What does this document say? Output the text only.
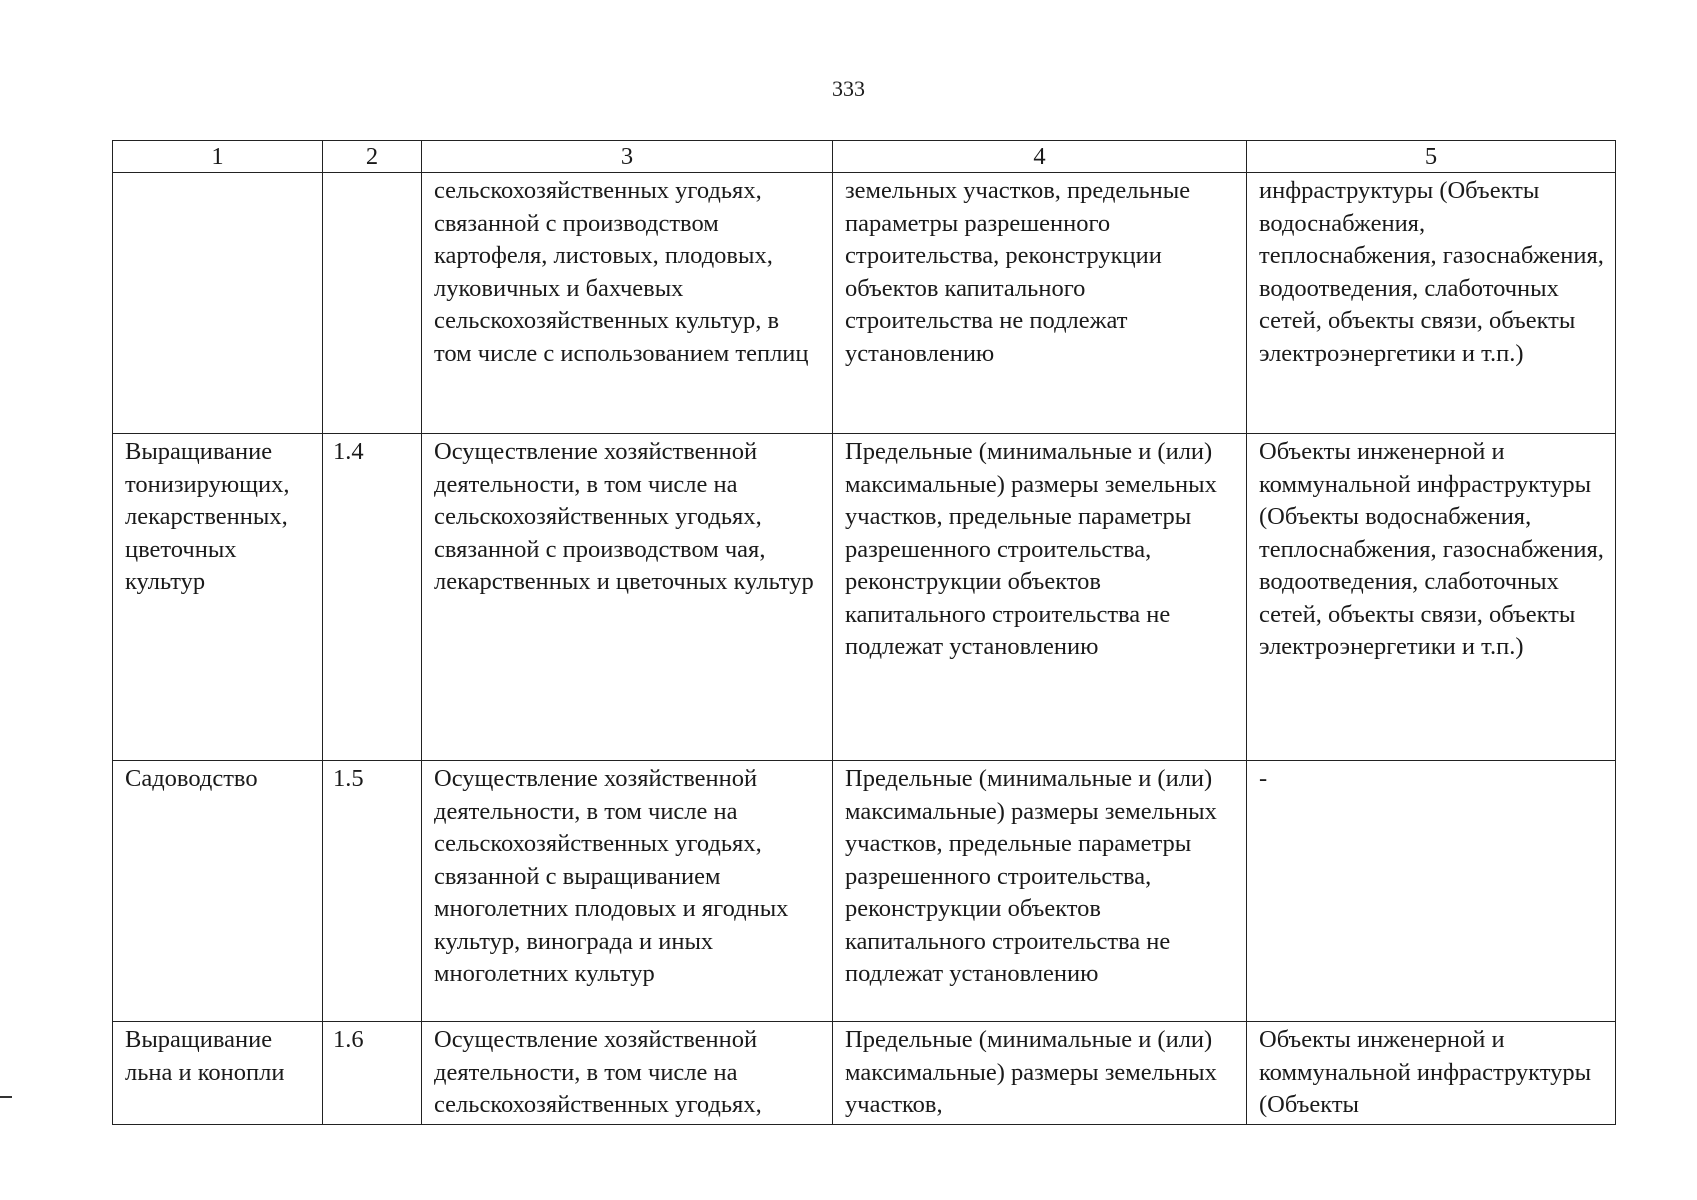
333
1	2	3	4	5
		сельскохозяйственных угодьях, связанной с производством картофеля, листовых, плодовых, луковичных и бахчевых сельскохозяйственных культур, в том числе с использованием теплиц	земельных участков, предельные параметры разрешенного строительства, реконструкции объектов капитального строительства не подлежат установлению	инфраструктуры (Объекты водоснабжения, теплоснабжения, газоснабжения, водоотведения, слаботочных сетей, объекты связи, объекты электроэнергетики и т.п.)
Выращивание тонизирующих, лекарственных, цветочных культур	1.4	Осуществление хозяйственной деятельности, в том числе на сельскохозяйственных угодьях, связанной с производством чая, лекарственных и цветочных культур	Предельные (минимальные и (или) максимальные) размеры земельных участков, предельные параметры разрешенного строительства, реконструкции объектов капитального строительства не подлежат установлению	Объекты инженерной и коммунальной инфраструктуры (Объекты водоснабжения, теплоснабжения, газоснабжения, водоотведения, слаботочных сетей, объекты связи, объекты электроэнергетики и т.п.)
Садоводство	1.5	Осуществление хозяйственной деятельности, в том числе на сельскохозяйственных угодьях, связанной с выращиванием многолетних плодовых и ягодных культур, винограда и иных многолетних культур	Предельные (минимальные и (или) максимальные) размеры земельных участков, предельные параметры разрешенного строительства, реконструкции объектов капитального строительства не подлежат установлению	-
Выращивание льна и конопли	1.6	Осуществление хозяйственной деятельности, в том числе на сельскохозяйственных угодьях,	Предельные (минимальные и (или) максимальные) размеры земельных участков,	Объекты инженерной и коммунальной инфраструктуры (Объекты
